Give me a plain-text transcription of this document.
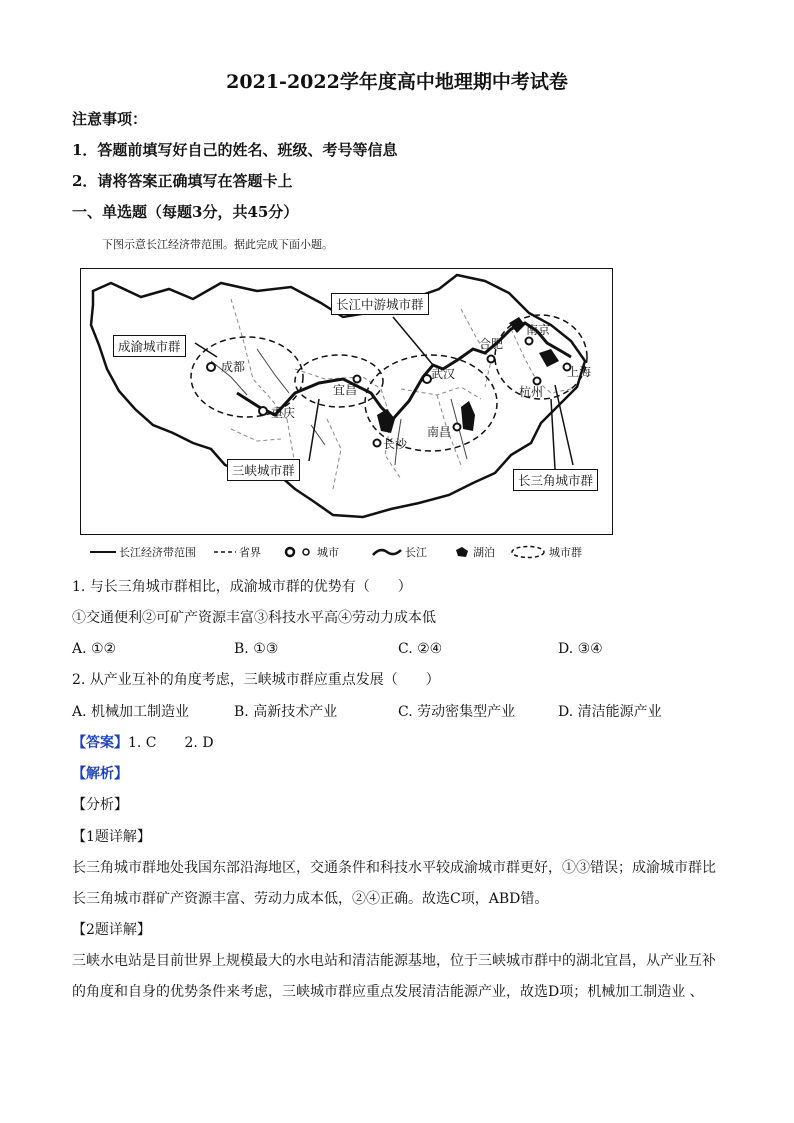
2021-2022学年度高中地理期中考试卷
注意事项：
1．答题前填写好自己的姓名、班级、考号等信息
2．请将答案正确填写在答题卡上
一、单选题（每题3分，共45分）
下图示意长江经济带范围。据此完成下面小题。
成都
重庆
宜昌
武汉
长沙
南昌
合肥
南京
杭州
上海
成渝城市群
长江中游城市群
三峡城市群
长三角城市群
长江经济带范围	省界	城市	长江	湖泊	城市群
1. 与长三角城市群相比，成渝城市群的优势有（　　）
①交通便利②可矿产资源丰富③科技水平高④劳动力成本低
A. ①②	B. ①③	C. ②④	D. ③④
2. 从产业互补的角度考虑，三峡城市群应重点发展（　　）
A. 机械加工制造业	B. 高新技术产业	C. 劳动密集型产业	D. 清洁能源产业
【答案】1. C　　2. D
【解析】
【分析】
【1题详解】
长三角城市群地处我国东部沿海地区，交通条件和科技水平较成渝城市群更好，①③错误；成渝城市群比
长三角城市群矿产资源丰富、劳动力成本低，②④正确。故选C项，ABD错。
【2题详解】
三峡水电站是目前世界上规模最大的水电站和清洁能源基地，位于三峡城市群中的湖北宜昌，从产业互补
的角度和自身的优势条件来考虑，三峡城市群应重点发展清洁能源产业，故选D项；机械加工制造业 、
